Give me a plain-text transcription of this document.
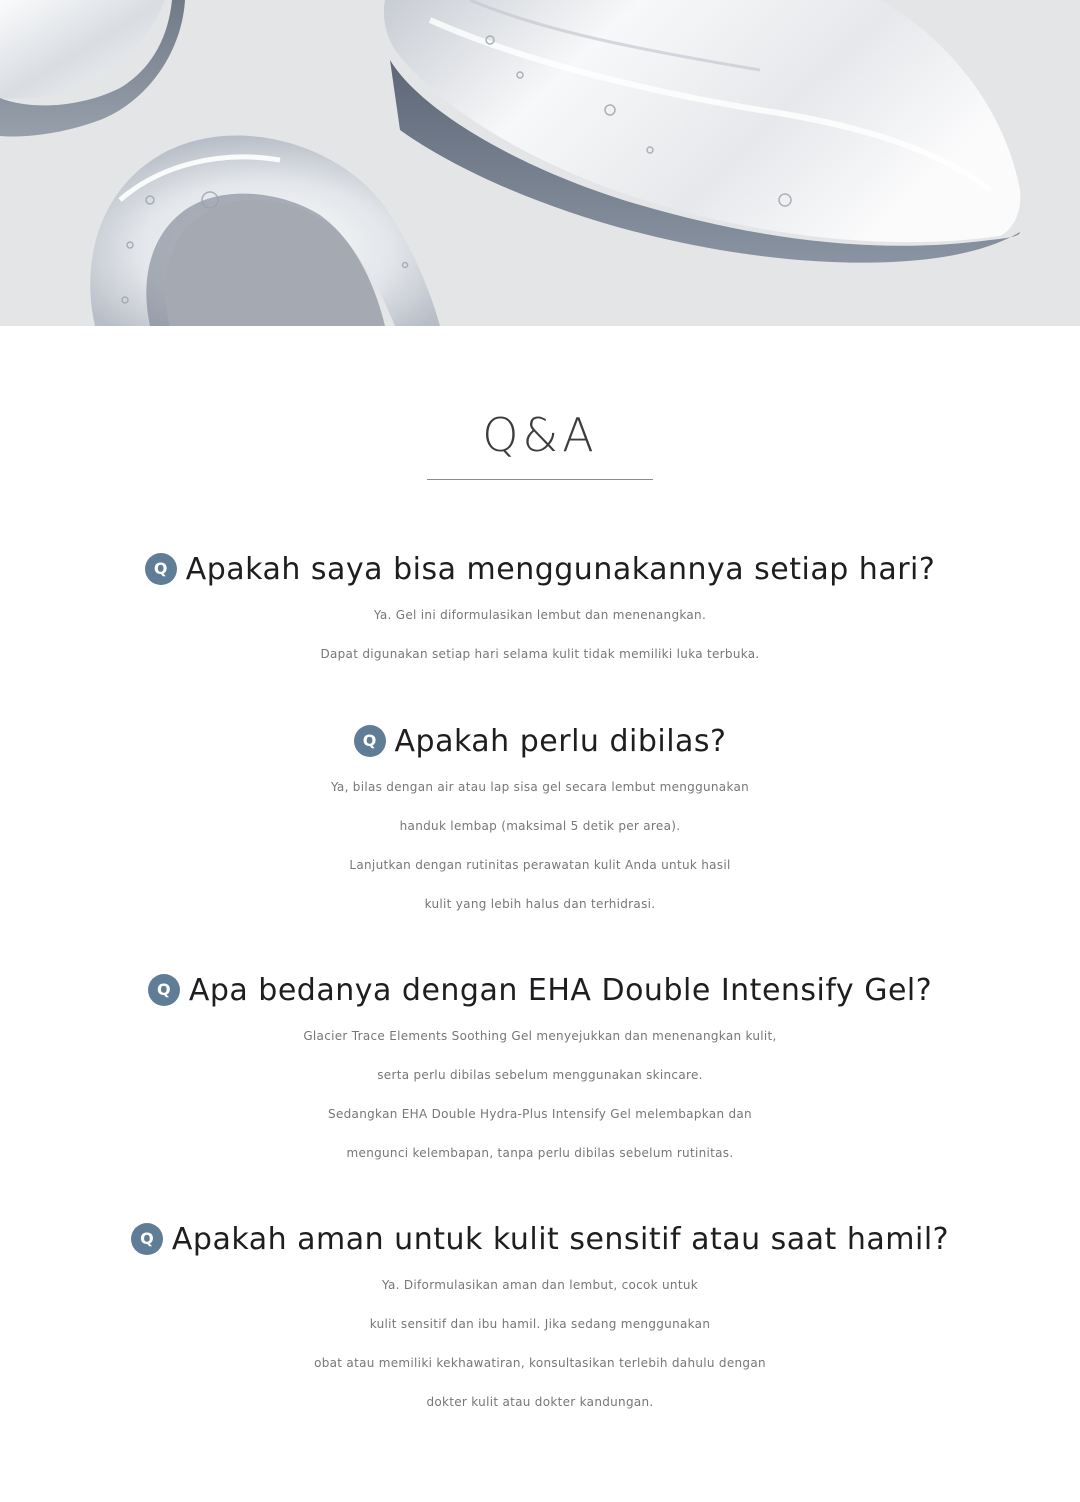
Q&A
Q Apakah saya bisa menggunakannya setiap hari?
Ya. Gel ini diformulasikan lembut dan menenangkan.
Dapat digunakan setiap hari selama kulit tidak memiliki luka terbuka.
Q Apakah perlu dibilas?
Ya, bilas dengan air atau lap sisa gel secara lembut menggunakan
handuk lembap (maksimal 5 detik per area).
Lanjutkan dengan rutinitas perawatan kulit Anda untuk hasil
kulit yang lebih halus dan terhidrasi.
Q Apa bedanya dengan EHA Double Intensify Gel?
Glacier Trace Elements Soothing Gel menyejukkan dan menenangkan kulit,
serta perlu dibilas sebelum menggunakan skincare.
Sedangkan EHA Double Hydra-Plus Intensify Gel melembapkan dan
mengunci kelembapan, tanpa perlu dibilas sebelum rutinitas.
Q Apakah aman untuk kulit sensitif atau saat hamil?
Ya. Diformulasikan aman dan lembut, cocok untuk
kulit sensitif dan ibu hamil. Jika sedang menggunakan
obat atau memiliki kekhawatiran, konsultasikan terlebih dahulu dengan
dokter kulit atau dokter kandungan.
